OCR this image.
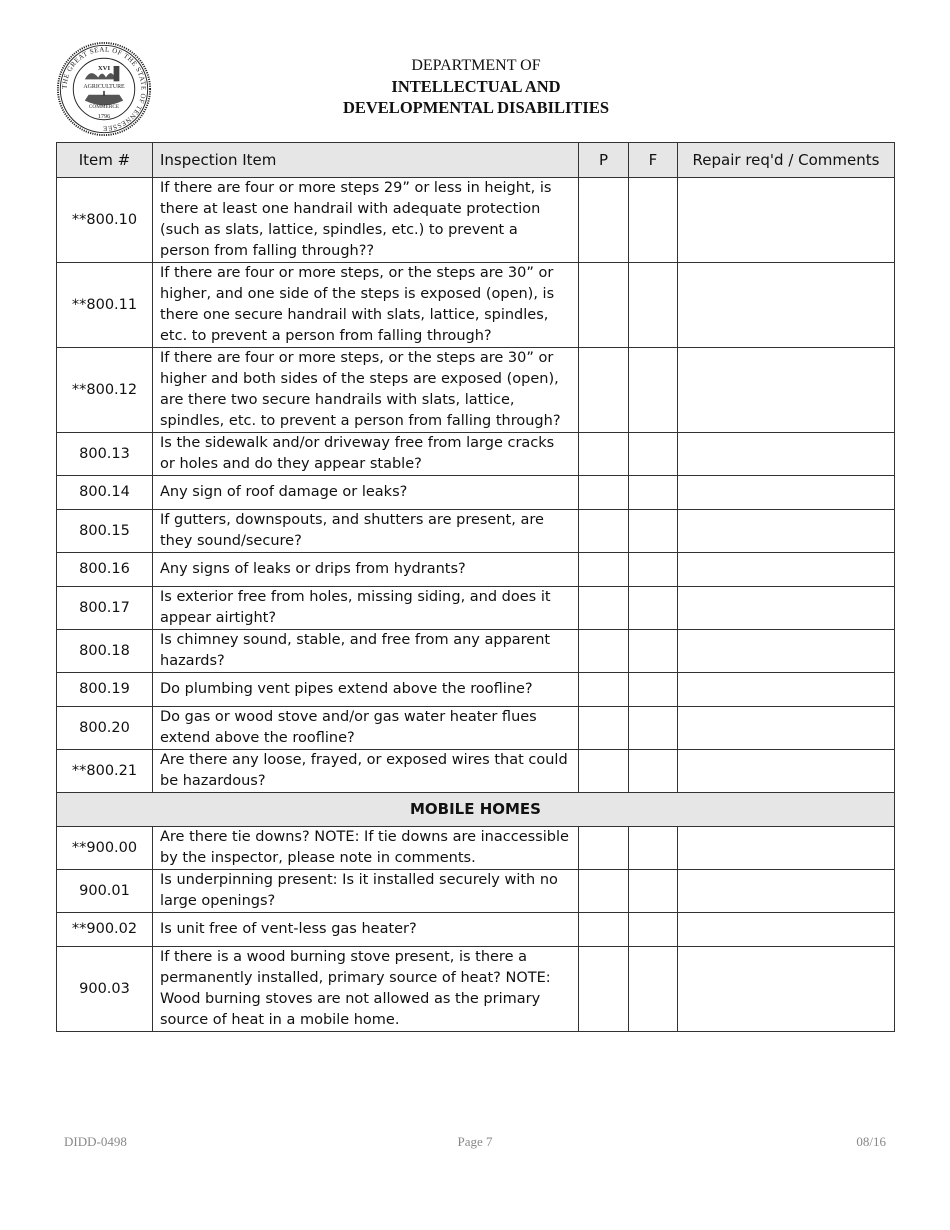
THE GREAT SEAL OF THE STATE OF TENNESSEE
XVI
AGRICULTURE
COMMERCE
1796
DEPARTMENT OF
INTELLECTUAL AND
DEVELOPMENTAL DISABILITIES
Item #	Inspection Item	P	F	Repair req'd / Comments
**800.10	If there are four or more steps 29” or less in height, is there at least one handrail with adequate protection (such as slats, lattice, spindles, etc.) to prevent a person from falling through??			
**800.11	If there are four or more steps, or the steps are 30” or higher, and one side of the steps is exposed (open), is there one secure handrail with slats, lattice, spindles, etc. to prevent a person from falling through?			
**800.12	If there are four or more steps, or the steps are 30” or higher and both sides of the steps are exposed (open), are there two secure handrails with slats, lattice, spindles, etc. to prevent a person from falling through?			
800.13	Is the sidewalk and/or driveway free from large cracks or holes and do they appear stable?			
800.14	Any sign of roof damage or leaks?			
800.15	If gutters, downspouts, and shutters are present, are they sound/secure?			
800.16	Any signs of leaks or drips from hydrants?			
800.17	Is exterior free from holes, missing siding, and does it appear airtight?			
800.18	Is chimney sound, stable, and free from any apparent hazards?			
800.19	Do plumbing vent pipes extend above the roofline?			
800.20	Do gas or wood stove and/or gas water heater flues extend above the roofline?			
**800.21	Are there any loose, frayed, or exposed wires that could be hazardous?			
MOBILE HOMES				
**900.00	Are there tie downs? NOTE: If tie downs are inaccessible by the inspector, please note in comments.			
900.01	Is underpinning present: Is it installed securely with no large openings?			
**900.02	Is unit free of vent-less gas heater?			
900.03	If there is a wood burning stove present, is there a permanently installed, primary source of heat? NOTE: Wood burning stoves are not allowed as the primary source of heat in a mobile home.			
DIDD-0498	Page 7	08/16
